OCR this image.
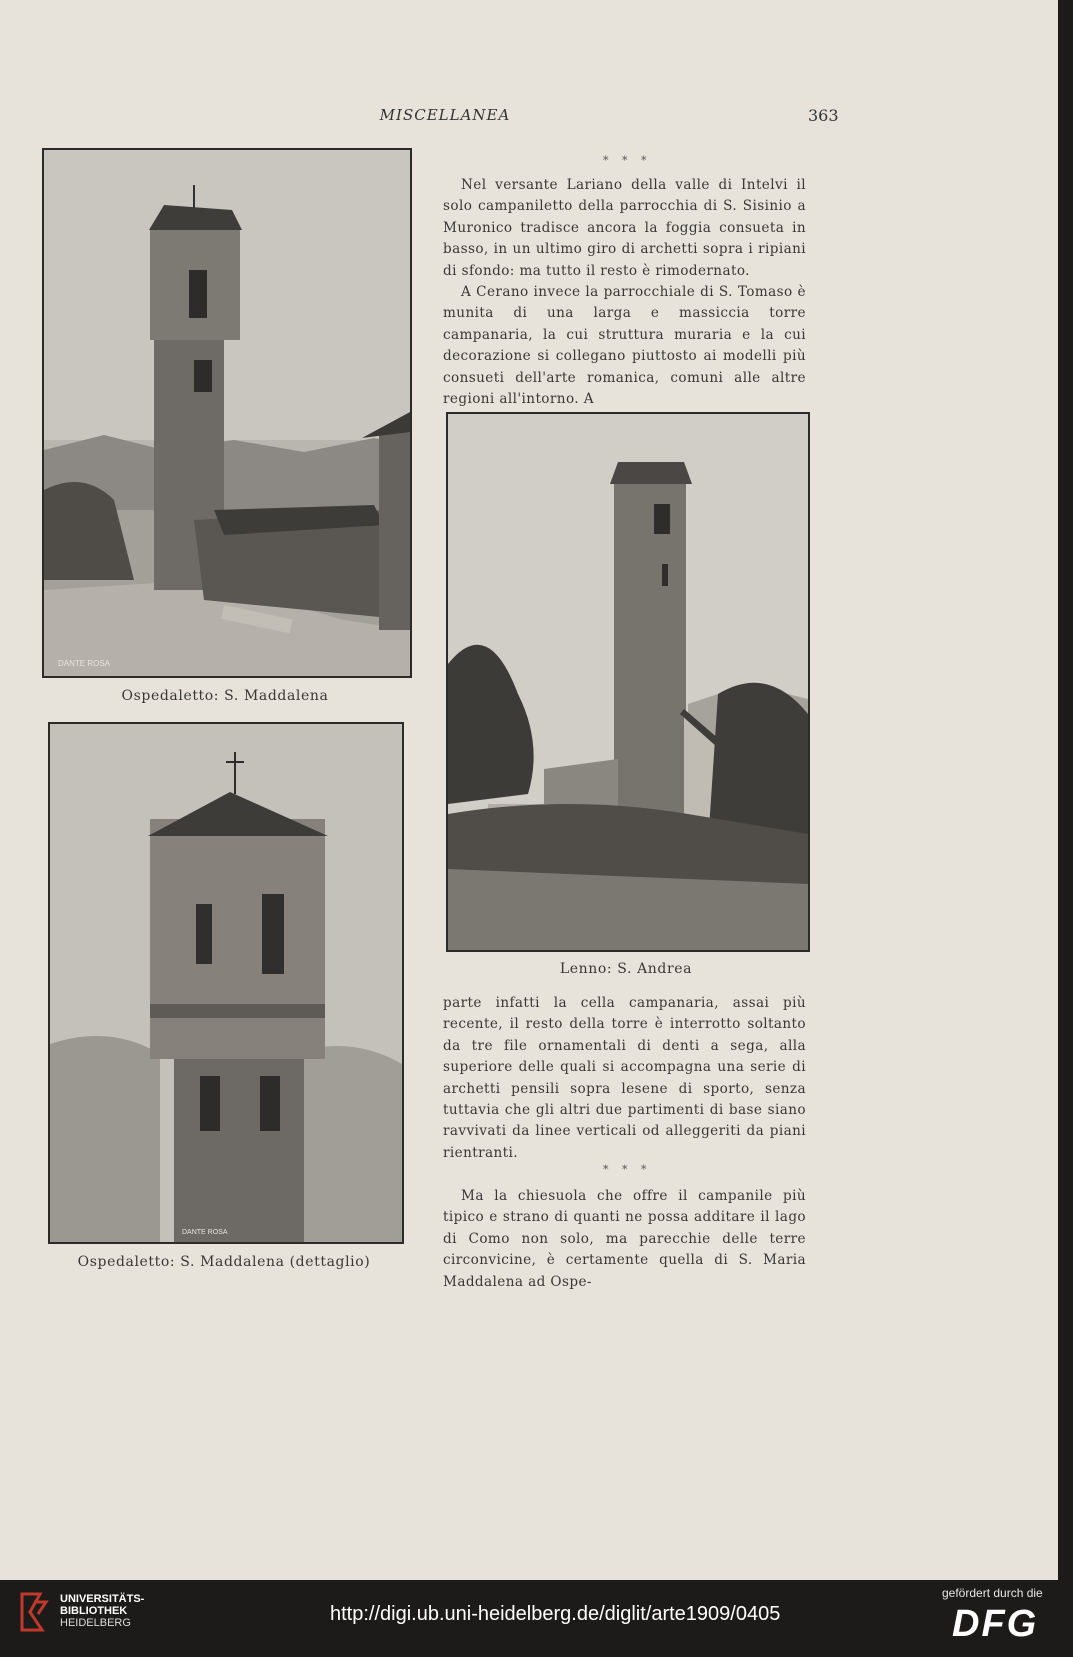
MISCELLANEA	363
* * *

Nel versante Lariano della valle di Intelvi il solo campaniletto della parrocchia di S. Sisinio a Muronico tradisce ancora la foggia consueta in basso, in un ultimo giro di archetti sopra i ripiani di sfondo: ma tutto il resto è rimodernato.

A Cerano invece la parrocchiale di S. Tomaso è munita di una larga e massiccia torre campanaria, la cui struttura muraria e la cui decorazione si collegano piuttosto ai modelli più consueti dell'arte romanica, comuni alle altre regioni all'intorno. A

DANTE ROSA
Ospedaletto: S. Maddalena
Lenno: S. Andrea

parte infatti la cella campanaria, assai più recente, il resto della torre è interrotto soltanto da tre file ornamentali di denti a sega, alla superiore delle quali si accompagna una serie di archetti pensili sopra lesene di sporto, senza tuttavia che gli altri due partimenti di base siano ravvivati da linee verticali od alleggeriti da piani rientranti.

* * *

Ma la chiesuola che offre il campanile più tipico e strano di quanti ne possa additare il lago di Como non solo, ma parecchie delle terre circonvicine, è certamente quella di S. Maria Maddalena ad Ospe-

DANTE ROSA
Ospedaletto: S. Maddalena (dettaglio)
UNIVERSITÄTS-
BIBLIOTHEK
HEIDELBERG	http://digi.ub.uni-heidelberg.de/diglit/arte1909/0405
gefördert durch die
DFG
